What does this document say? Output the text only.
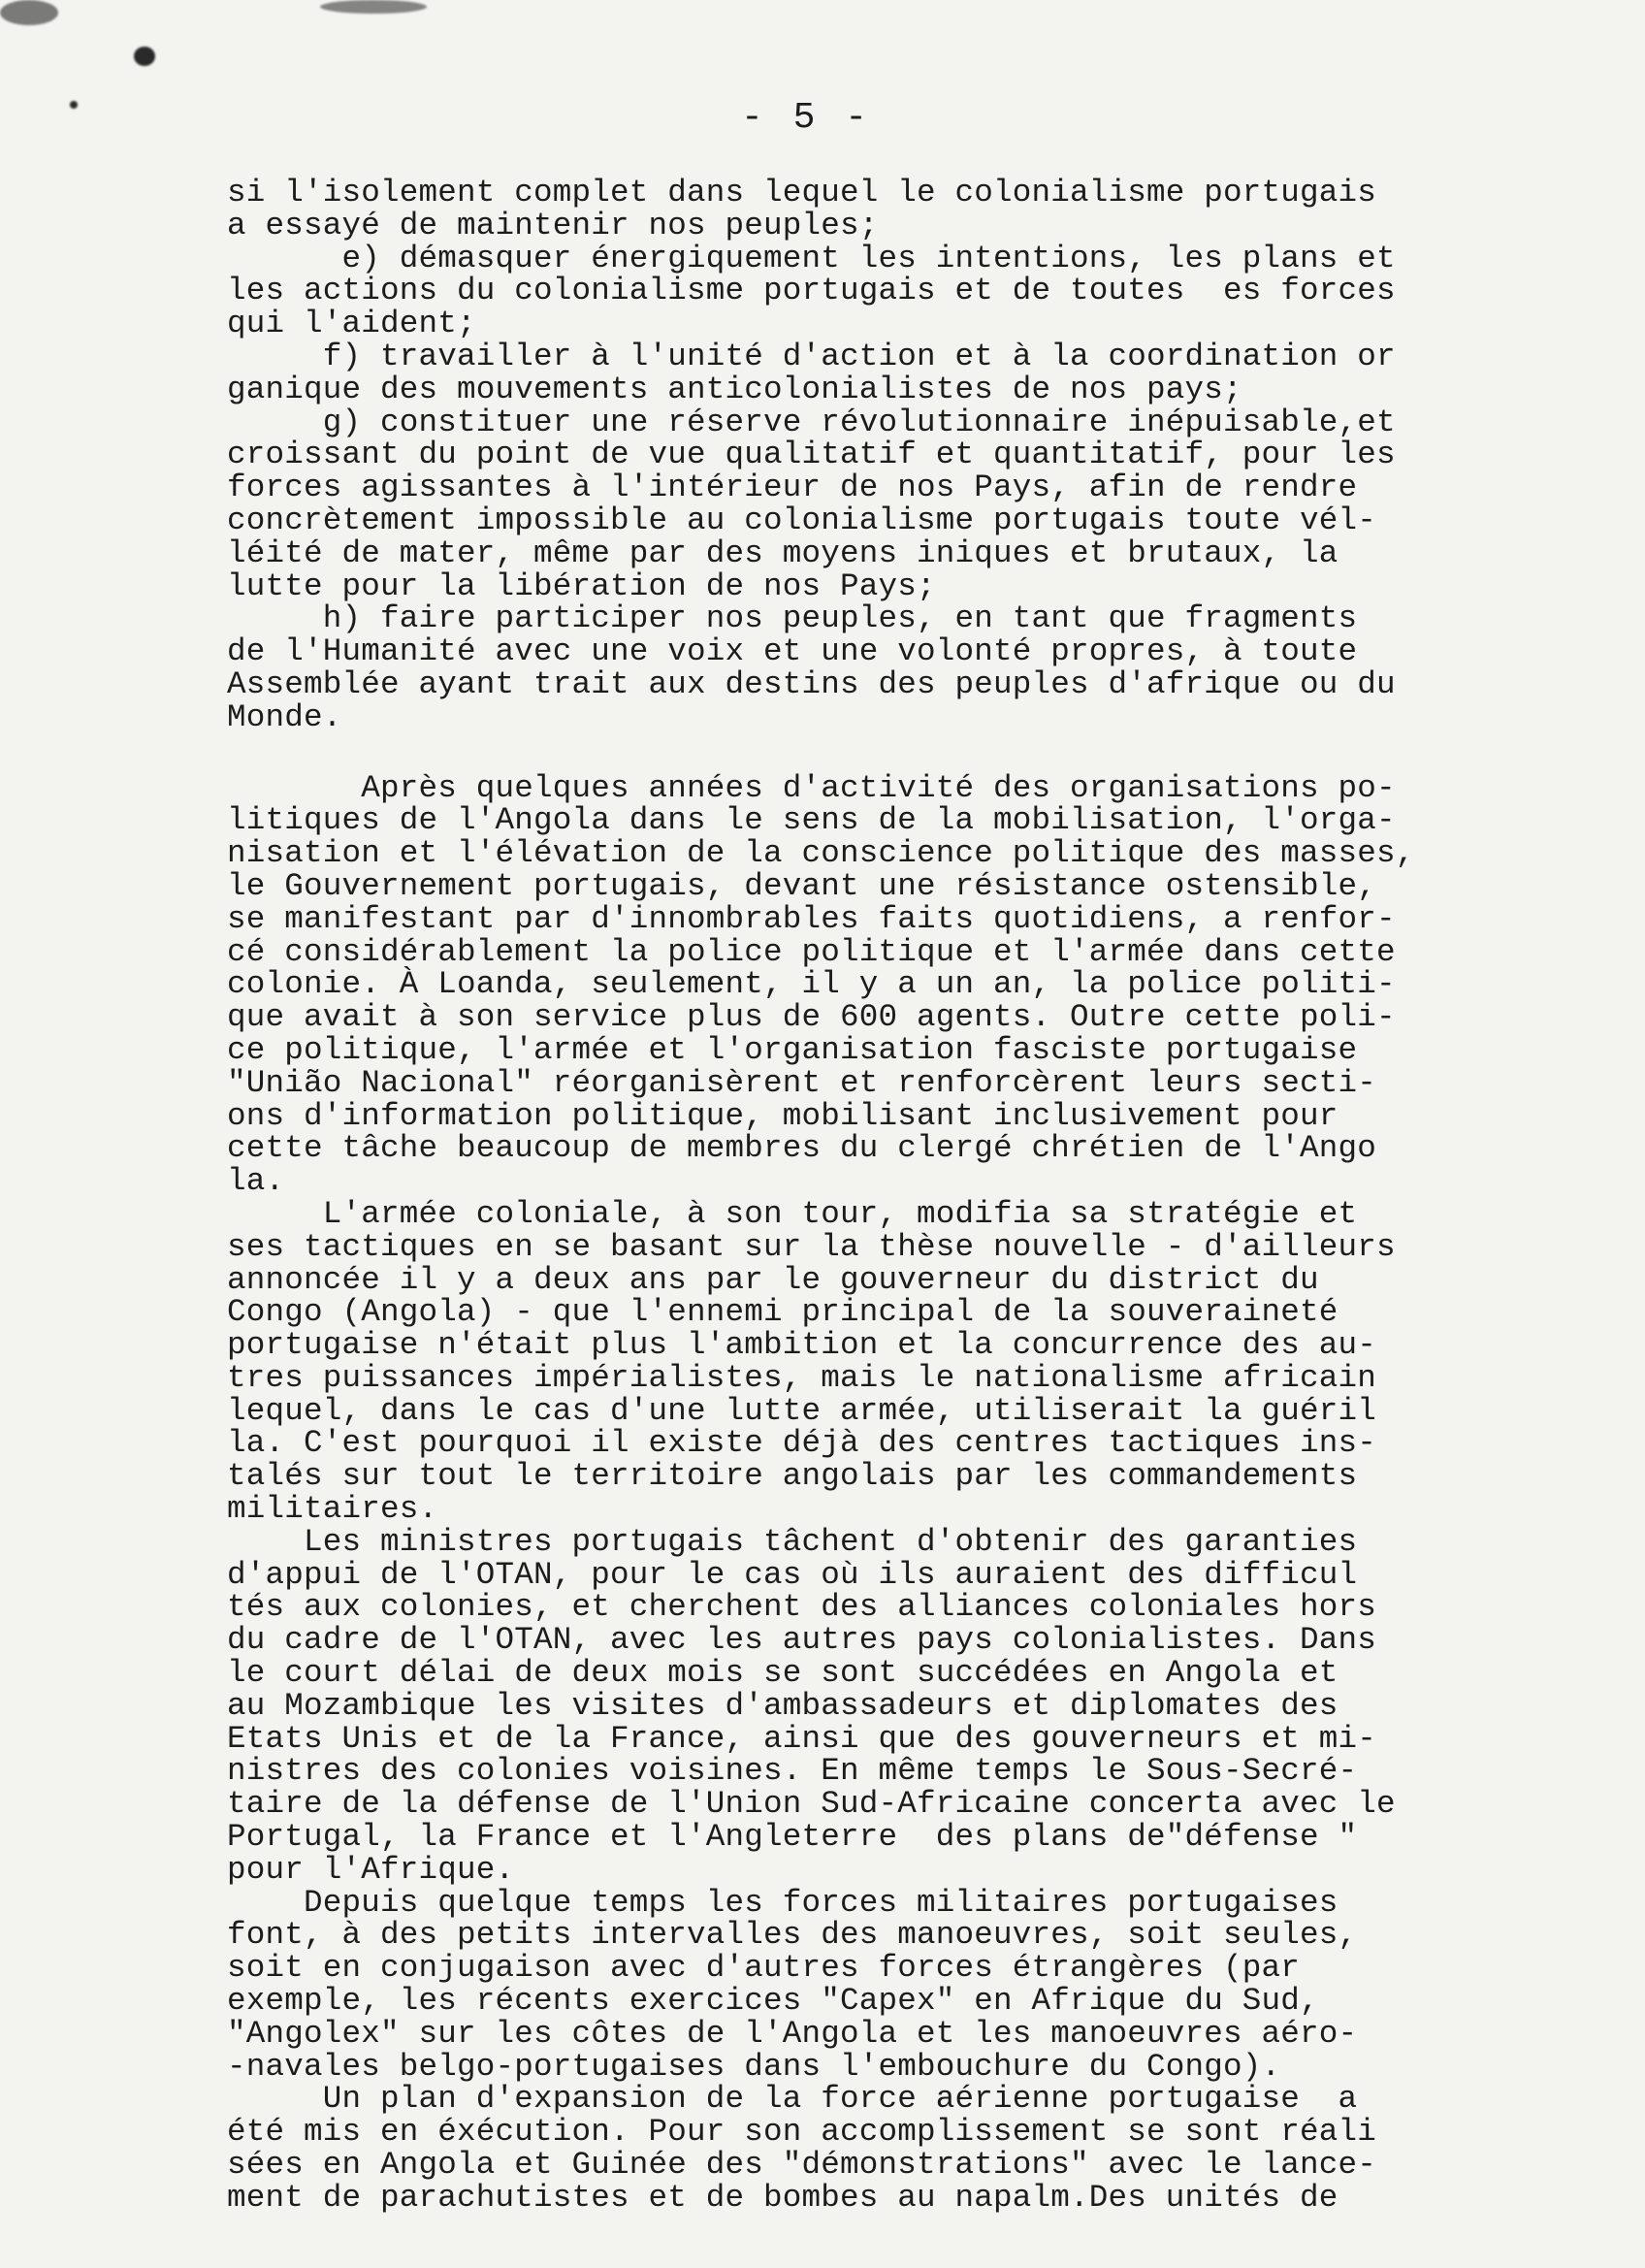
- 5 -
si l'isolement complet dans lequel le colonialisme portugais
a essayé de maintenir nos peuples;
e) démasquer énergiquement les intentions, les plans et
les actions du colonialisme portugais et de toutes  es forces
qui l'aident;
f) travailler à l'unité d'action et à la coordination or
ganique des mouvements anticolonialistes de nos pays;
g) constituer une réserve révolutionnaire inépuisable,et
croissant du point de vue qualitatif et quantitatif, pour les
forces agissantes à l'intérieur de nos Pays, afin de rendre
concrètement impossible au colonialisme portugais toute vél-
léité de mater, même par des moyens iniques et brutaux, la
lutte pour la libération de nos Pays;
h) faire participer nos peuples, en tant que fragments
de l'Humanité avec une voix et une volonté propres, à toute
Assemblée ayant trait aux destins des peuples d'afrique ou du
Monde.
Après quelques années d'activité des organisations po-
litiques de l'Angola dans le sens de la mobilisation, l'orga-
nisation et l'élévation de la conscience politique des masses,
le Gouvernement portugais, devant une résistance ostensible,
se manifestant par d'innombrables faits quotidiens, a renfor-
cé considérablement la police politique et l'armée dans cette
colonie. À Loanda, seulement, il y a un an, la police politi-
que avait à son service plus de 600 agents. Outre cette poli-
ce politique, l'armée et l'organisation fasciste portugaise
"União Nacional" réorganisèrent et renforcèrent leurs secti-
ons d'information politique, mobilisant inclusivement pour
cette tâche beaucoup de membres du clergé chrétien de l'Ango
la.
L'armée coloniale, à son tour, modifia sa stratégie et
ses tactiques en se basant sur la thèse nouvelle - d'ailleurs
annoncée il y a deux ans par le gouverneur du district du
Congo (Angola) - que l'ennemi principal de la souveraineté
portugaise n'était plus l'ambition et la concurrence des au-
tres puissances impérialistes, mais le nationalisme africain
lequel, dans le cas d'une lutte armée, utiliserait la guéril
la. C'est pourquoi il existe déjà des centres tactiques ins-
talés sur tout le territoire angolais par les commandements
militaires.
Les ministres portugais tâchent d'obtenir des garanties
d'appui de l'OTAN, pour le cas où ils auraient des difficul
tés aux colonies, et cherchent des alliances coloniales hors
du cadre de l'OTAN, avec les autres pays colonialistes. Dans
le court délai de deux mois se sont succédées en Angola et
au Mozambique les visites d'ambassadeurs et diplomates des
Etats Unis et de la France, ainsi que des gouverneurs et mi-
nistres des colonies voisines. En même temps le Sous-Secré-
taire de la défense de l'Union Sud-Africaine concerta avec le
Portugal, la France et l'Angleterre  des plans de"défense "
pour l'Afrique.
Depuis quelque temps les forces militaires portugaises
font, à des petits intervalles des manoeuvres, soit seules,
soit en conjugaison avec d'autres forces étrangères (par
exemple, les récents exercices "Capex" en Afrique du Sud,
"Angolex" sur les côtes de l'Angola et les manoeuvres aéro-
-navales belgo-portugaises dans l'embouchure du Congo).
Un plan d'expansion de la force aérienne portugaise  a
été mis en éxécution. Pour son accomplissement se sont réali
sées en Angola et Guinée des "démonstrations" avec le lance-
ment de parachutistes et de bombes au napalm.Des unités de
